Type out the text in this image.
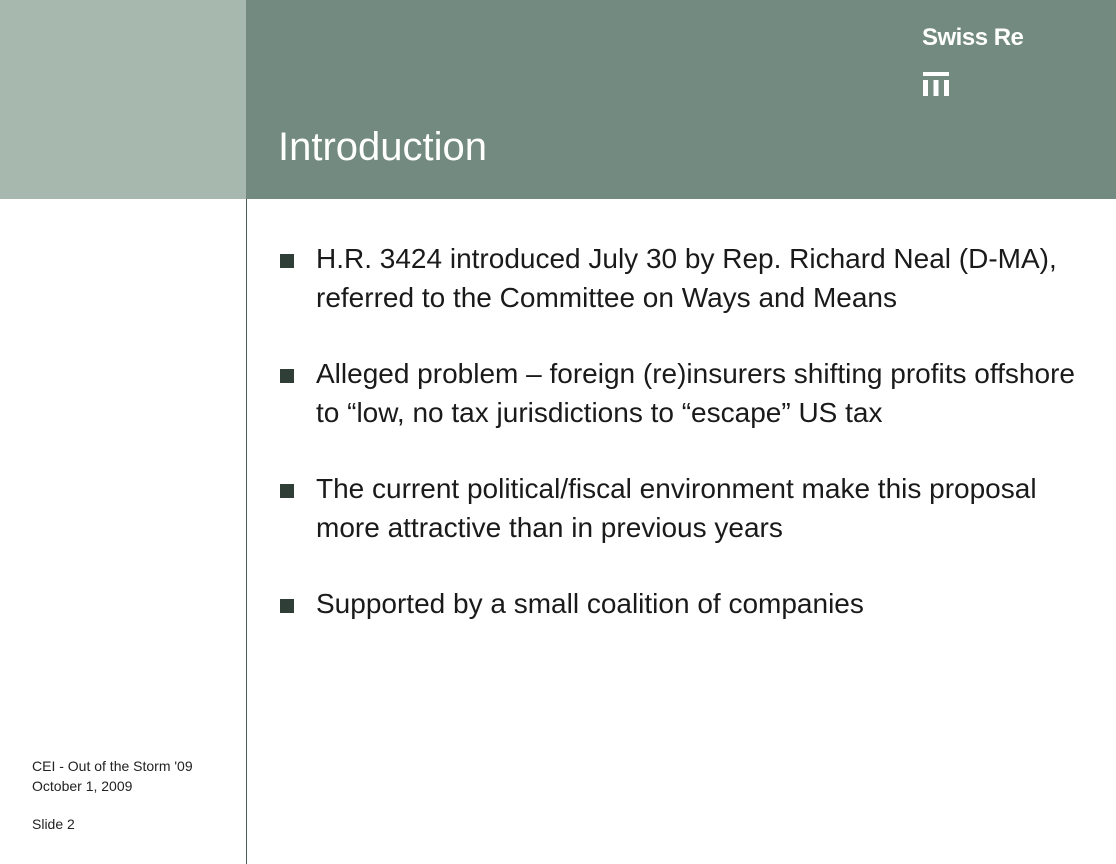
Introduction
Swiss Re
H.R. 3424 introduced July 30 by Rep. Richard Neal (D-MA), referred to the Committee on Ways and Means
Alleged problem – foreign (re)insurers shifting profits offshore to “low, no tax jurisdictions to “escape” US tax
The current political/fiscal environment make this proposal more attractive than in previous years
Supported by a small coalition of companies
CEI - Out of the Storm '09
October 1, 2009
Slide 2
